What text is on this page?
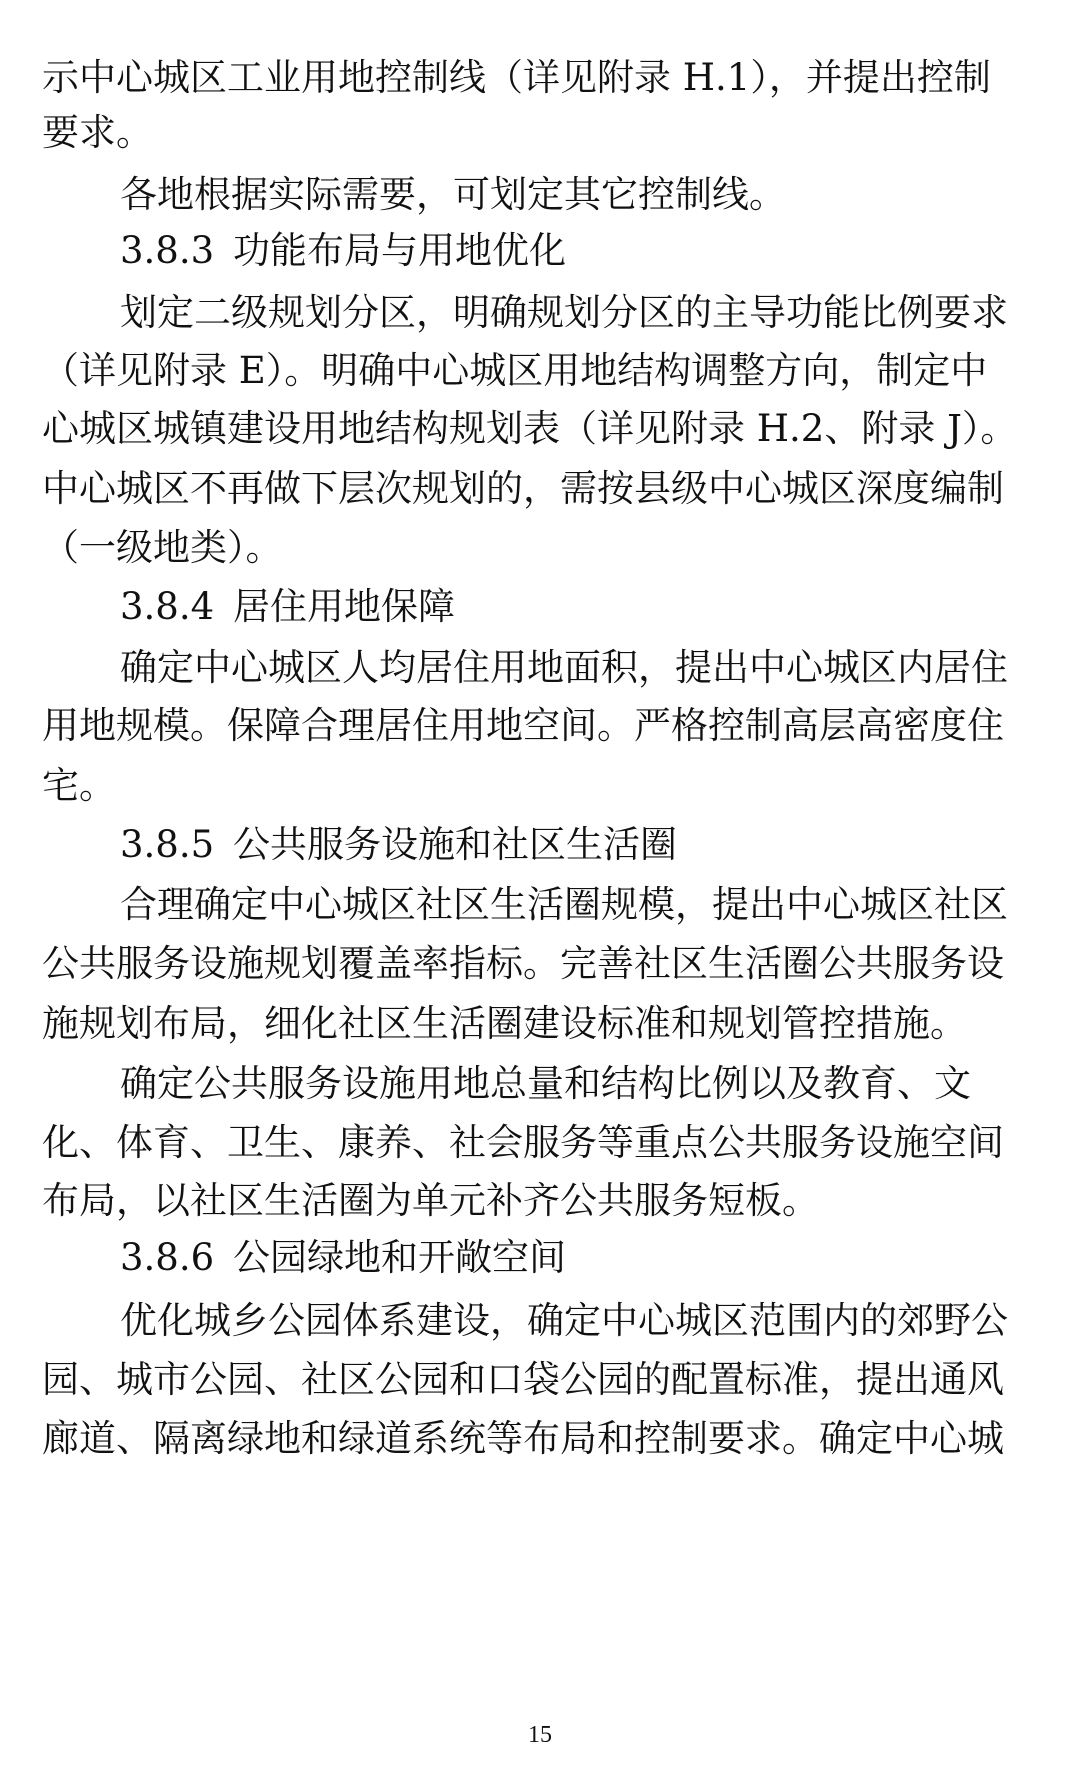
示中心城区工业用地控制线（详见附录 H.1），并提出控制
要求。
各地根据实际需要，可划定其它控制线。
3.8.3 功能布局与用地优化
划定二级规划分区，明确规划分区的主导功能比例要求
（详见附录 E）。明确中心城区用地结构调整方向，制定中
心城区城镇建设用地结构规划表（详见附录 H.2、附录 J）。
中心城区不再做下层次规划的，需按县级中心城区深度编制
（一级地类）。
3.8.4 居住用地保障
确定中心城区人均居住用地面积，提出中心城区内居住
用地规模。保障合理居住用地空间。严格控制高层高密度住
宅。
3.8.5 公共服务设施和社区生活圈
合理确定中心城区社区生活圈规模，提出中心城区社区
公共服务设施规划覆盖率指标。完善社区生活圈公共服务设
施规划布局，细化社区生活圈建设标准和规划管控措施。
确定公共服务设施用地总量和结构比例以及教育、文
化、体育、卫生、康养、社会服务等重点公共服务设施空间
布局，以社区生活圈为单元补齐公共服务短板。
3.8.6 公园绿地和开敞空间
优化城乡公园体系建设，确定中心城区范围内的郊野公
园、城市公园、社区公园和口袋公园的配置标准，提出通风
廊道、隔离绿地和绿道系统等布局和控制要求。确定中心城
15
